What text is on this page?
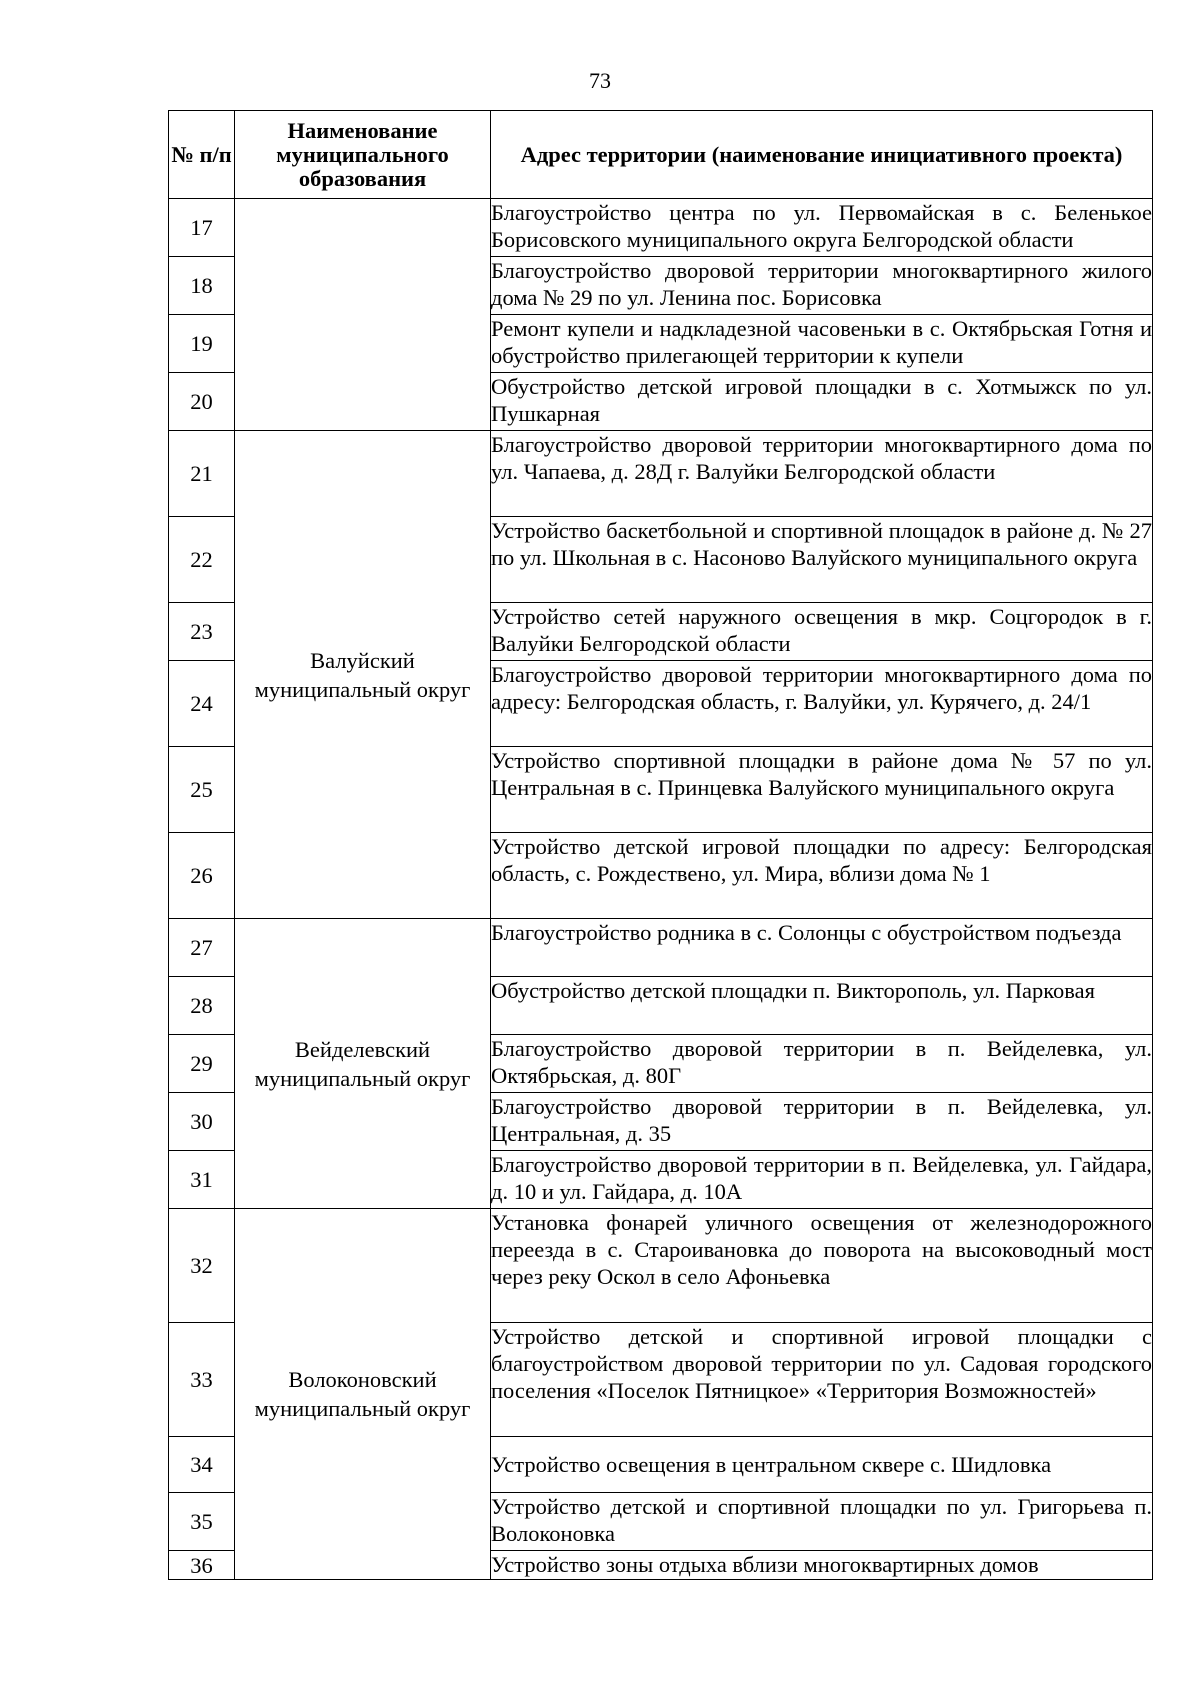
73
№ п/п	Наименование муниципального образования	Адрес территории (наименование инициативного проекта)
17		Благоустройство центра по ул. Первомайская в с. Беленькое Борисовского муниципального округа Белгородской области
18		Благоустройство дворовой территории многоквартирного жилого дома № 29 по ул. Ленина пос. Борисовка
19		Ремонт купели и надкладезной часовеньки в с. Октябрьская Готня и обустройство прилегающей территории к купели
20		Обустройство детской игровой площадки в с. Хотмыжск по ул. Пушкарная
21	Валуйский муниципальный округ	Благоустройство дворовой территории многоквартирного дома по ул. Чапаева, д. 28Д г. Валуйки Белгородской области
22		Устройство баскетбольной и спортивной площадок в районе д. № 27 по ул. Школьная в с. Насоново Валуйского муниципального округа
23		Устройство сетей наружного освещения в мкр. Соцгородок в г. Валуйки Белгородской области
24		Благоустройство дворовой территории многоквартирного дома по адресу: Белгородская область, г. Валуйки, ул. Курячего, д. 24/1
25		Устройство спортивной площадки в районе дома № 57 по ул. Центральная в с. Принцевка Валуйского муниципального округа
26		Устройство детской игровой площадки по адресу: Белгородская область, с. Рождествено, ул. Мира, вблизи дома № 1
27	Вейделевский муниципальный округ	Благоустройство родника в с. Солонцы с обустройством подъезда
28		Обустройство детской площадки п. Викторополь, ул. Парковая
29		Благоустройство дворовой территории в п. Вейделевка, ул. Октябрьская, д. 80Г
30		Благоустройство дворовой территории в п. Вейделевка, ул. Центральная, д. 35
31		Благоустройство дворовой территории в п. Вейделевка, ул. Гайдара, д. 10 и ул. Гайдара, д. 10А
32	Волоконовский муниципальный округ	Установка фонарей уличного освещения от железнодорожного переезда в с. Староивановка до поворота на высоководный мост через реку Оскол в село Афоньевка
33		Устройство детской и спортивной игровой площадки с благоустройством дворовой территории по ул. Садовая городского поселения «Поселок Пятницкое» «Территория Возможностей»
34		Устройство освещения в центральном сквере с. Шидловка
35		Устройство детской и спортивной площадки по ул. Григорьева п. Волоконовка
36		Устройство зоны отдыха вблизи многоквартирных домов
